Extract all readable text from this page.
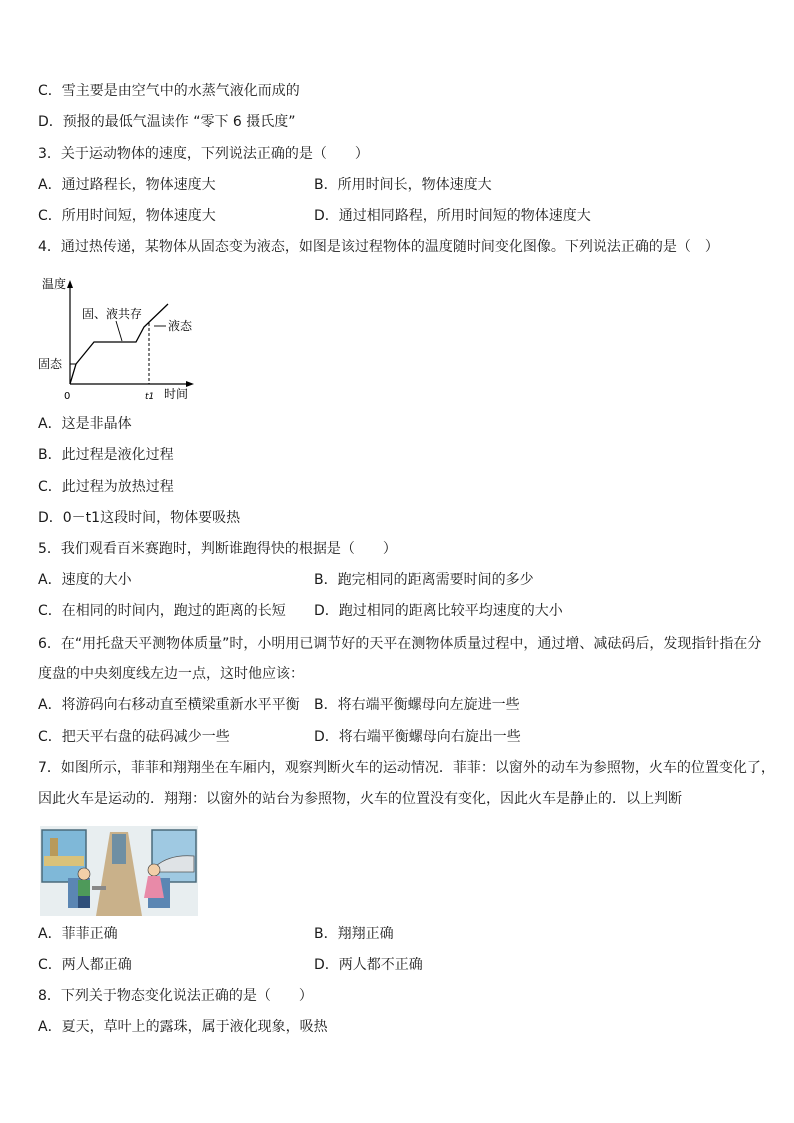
C．雪主要是由空气中的水蒸气液化而成的
D．预报的最低气温读作 “零下 6 摄氏度”
3．关于运动物体的速度，下列说法正确的是（　　）
A．通过路程长，物体速度大	B．所用时间长，物体速度大
C．所用时间短，物体速度大	D．通过相同路程，所用时间短的物体速度大
4．通过热传递，某物体从固态变为液态，如图是该过程物体的温度随时间变化图像。下列说法正确的是（　）
温度
时间
0	t1
固态
固、液共存
液态
A．这是非晶体
B．此过程是液化过程
C．此过程为放热过程
D．0－t1这段时间，物体要吸热
5．我们观看百米赛跑时，判断谁跑得快的根据是（　　）
A．速度的大小	B．跑完相同的距离需要时间的多少
C．在相同的时间内，跑过的距离的长短 D．跑过相同的距离比较平均速度的大小
6．在“用托盘天平测物体质量”时，小明用已调节好的天平在测物体质量过程中，通过增、减砝码后，发现指针指在分
度盘的中央刻度线左边一点，这时他应该：
A．将游码向右移动直至横梁重新水平平衡 B．将右端平衡螺母向左旋进一些
C．把天平右盘的砝码减少一些	D．将右端平衡螺母向右旋出一些
7．如图所示，菲菲和翔翔坐在车厢内，观察判断火车的运动情况．菲菲：以窗外的动车为参照物，火车的位置变化了，
因此火车是运动的．翔翔：以窗外的站台为参照物，火车的位置没有变化，因此火车是静止的．以上判断
A．菲菲正确	B．翔翔正确
C．两人都正确	D．两人都不正确
8．下列关于物态变化说法正确的是（　　）
A．夏天，草叶上的露珠，属于液化现象，吸热
